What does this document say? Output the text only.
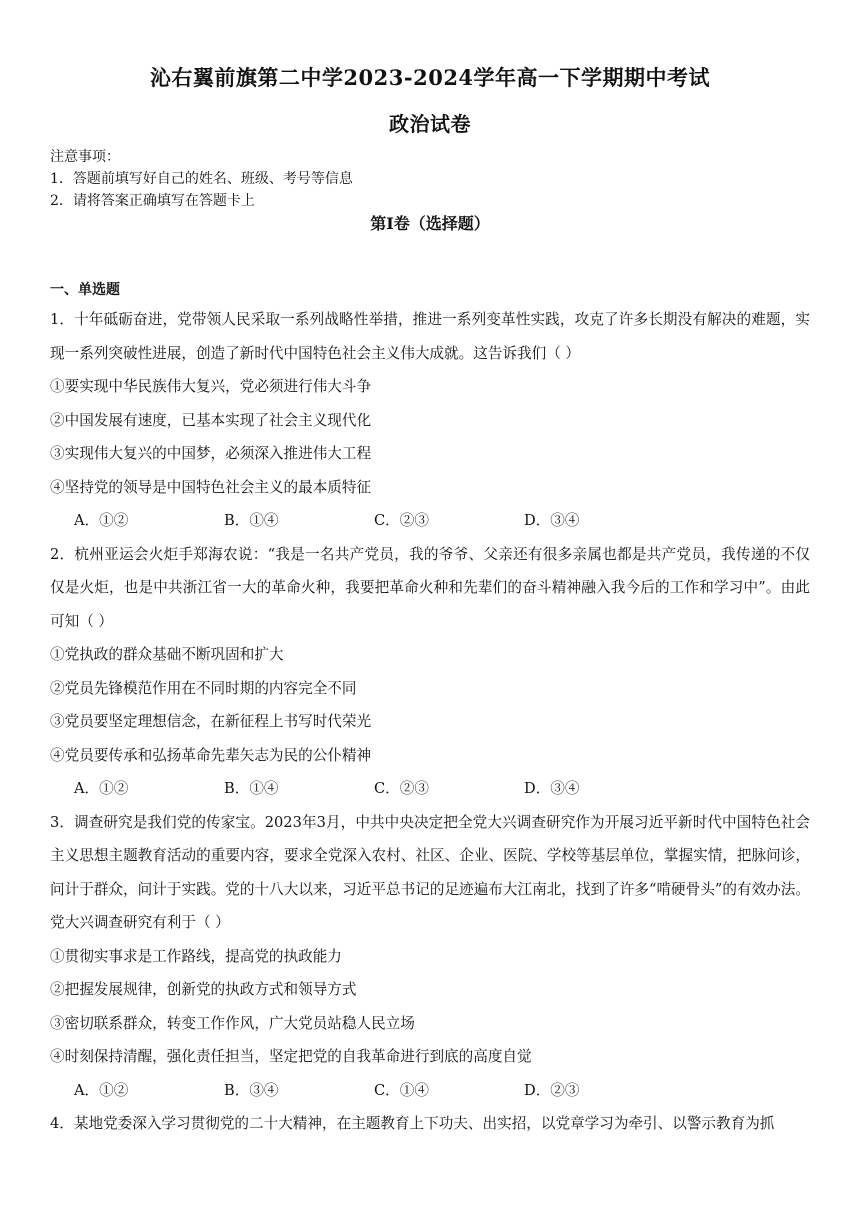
沁右翼前旗第二中学2023-2024学年高一下学期期中考试
政治试卷
注意事项：
1．答题前填写好自己的姓名、班级、考号等信息
2．请将答案正确填写在答题卡上
第I卷（选择题）
一、单选题
1．十年砥砺奋进，党带领人民采取一系列战略性举措，推进一系列变革性实践，攻克了许多长期没有解决的难题，实现一系列突破性进展，创造了新时代中国特色社会主义伟大成就。这告诉我们（ ）
①要实现中华民族伟大复兴，党必须进行伟大斗争
②中国发展有速度，已基本实现了社会主义现代化
③实现伟大复兴的中国梦，必须深入推进伟大工程
④坚持党的领导是中国特色社会主义的最本质特征
A．①②	B．①④	C．②③	D．③④
2．杭州亚运会火炬手郑海农说：“我是一名共产党员，我的爷爷、父亲还有很多亲属也都是共产党员，我传递的不仅仅是火炬，也是中共浙江省一大的革命火种，我要把革命火种和先辈们的奋斗精神融入我今后的工作和学习中”。由此可知（ ）
①党执政的群众基础不断巩固和扩大
②党员先锋模范作用在不同时期的内容完全不同
③党员要坚定理想信念，在新征程上书写时代荣光
④党员要传承和弘扬革命先辈矢志为民的公仆精神
A．①②	B．①④	C．②③	D．③④
3．调查研究是我们党的传家宝。2023年3月，中共中央决定把全党大兴调查研究作为开展习近平新时代中国特色社会主义思想主题教育活动的重要内容，要求全党深入农村、社区、企业、医院、学校等基层单位，掌握实情，把脉问诊，问计于群众，问计于实践。党的十八大以来，习近平总书记的足迹遍布大江南北，找到了许多“啃硬骨头”的有效办法。党大兴调查研究有利于（ ）
①贯彻实事求是工作路线，提高党的执政能力
②把握发展规律，创新党的执政方式和领导方式
③密切联系群众，转变工作作风，广大党员站稳人民立场
④时刻保持清醒，强化责任担当，坚定把党的自我革命进行到底的高度自觉
A．①②	B．③④	C．①④	D．②③
4．某地党委深入学习贯彻党的二十大精神，在主题教育上下功夫、出实招，以党章学习为牵引、以警示教育为抓
